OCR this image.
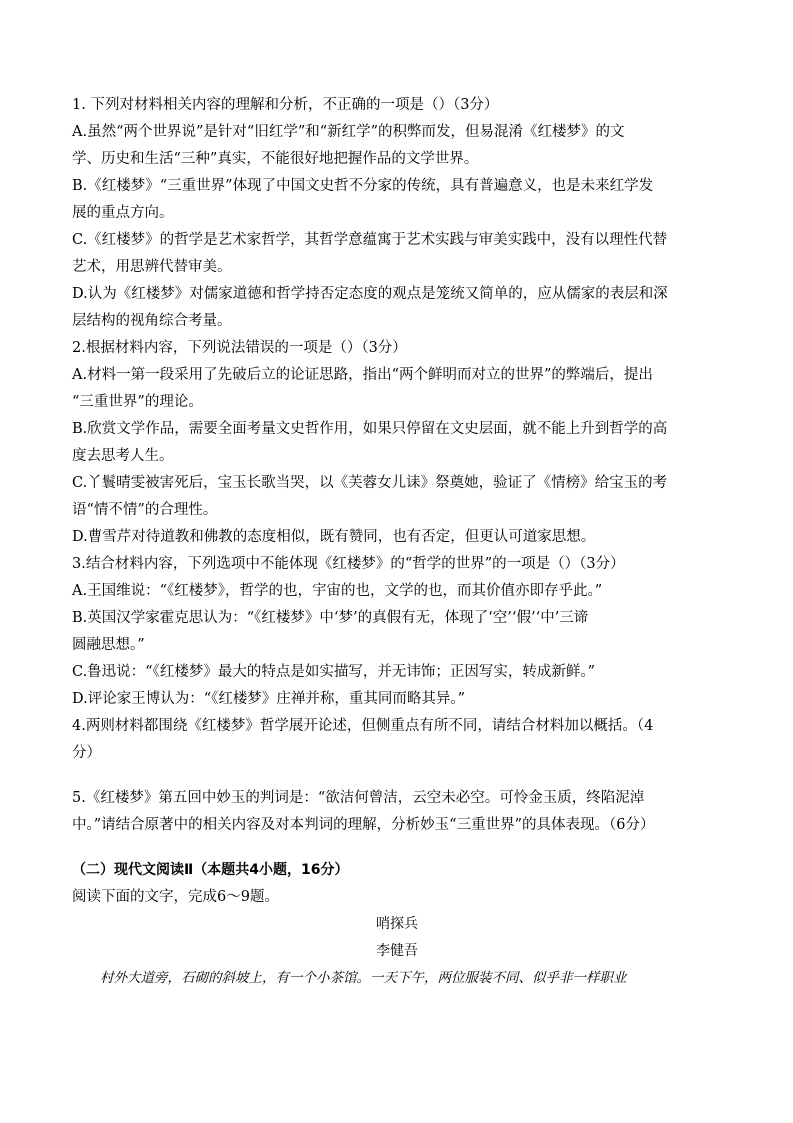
1. 下列对材料相关内容的理解和分析，不正确的一项是（）（3分）

A.虽然“两个世界说”是针对“旧红学”和“新红学”的积弊而发，但易混淆《红楼梦》的文

学、历史和生活“三种”真实，不能很好地把握作品的文学世界。

B.《红楼梦》“三重世界”体现了中国文史哲不分家的传统，具有普遍意义，也是未来红学发

展的重点方向。

C.《红楼梦》的哲学是艺术家哲学，其哲学意蕴寓于艺术实践与审美实践中，没有以理性代替

艺术，用思辨代替审美。

D.认为《红楼梦》对儒家道德和哲学持否定态度的观点是笼统又简单的，应从儒家的表层和深

层结构的视角综合考量。

2.根据材料内容，下列说法错误的一项是（）（3分）

A.材料一第一段采用了先破后立的论证思路，指出“两个鲜明而对立的世界”的弊端后，提出

“三重世界”的理论。

B.欣赏文学作品，需要全面考量文史哲作用，如果只停留在文史层面，就不能上升到哲学的高

度去思考人生。

C.丫鬟晴雯被害死后，宝玉长歌当哭，以《芙蓉女儿诔》祭奠她，验证了《情榜》给宝玉的考

语“情不情”的合理性。

D.曹雪芹对待道教和佛教的态度相似，既有赞同，也有否定，但更认可道家思想。

3.结合材料内容，下列选项中不能体现《红楼梦》的“哲学的世界”的一项是（）（3分）

A.王国维说：“《红楼梦》，哲学的也，宇宙的也，文学的也，而其价值亦即存乎此。”

B.英国汉学家霍克思认为：“《红楼梦》中‘梦’的真假有无，体现了‘空’‘假’‘中’三谛

圆融思想。”

C.鲁迅说：“《红楼梦》最大的特点是如实描写，并无讳饰；正因写实，转成新鲜。”

D.评论家王博认为：“《红楼梦》庄禅并称，重其同而略其异。”

4.两则材料都围绕《红楼梦》哲学展开论述，但侧重点有所不同，请结合材料加以概括。（4

分）

5.《红楼梦》第五回中妙玉的判词是：“欲洁何曾洁，云空未必空。可怜金玉质，终陷泥淖

中。”请结合原著中的相关内容及对本判词的理解，分析妙玉“三重世界”的具体表现。（6分）

（二）现代文阅读Ⅱ（本题共4小题，16分）

阅读下面的文字，完成6～9题。

哨探兵

李健吾

村外大道旁，石砌的斜坡上，有一个小茶馆。一天下午，两位服装不同、似乎非一样职业
